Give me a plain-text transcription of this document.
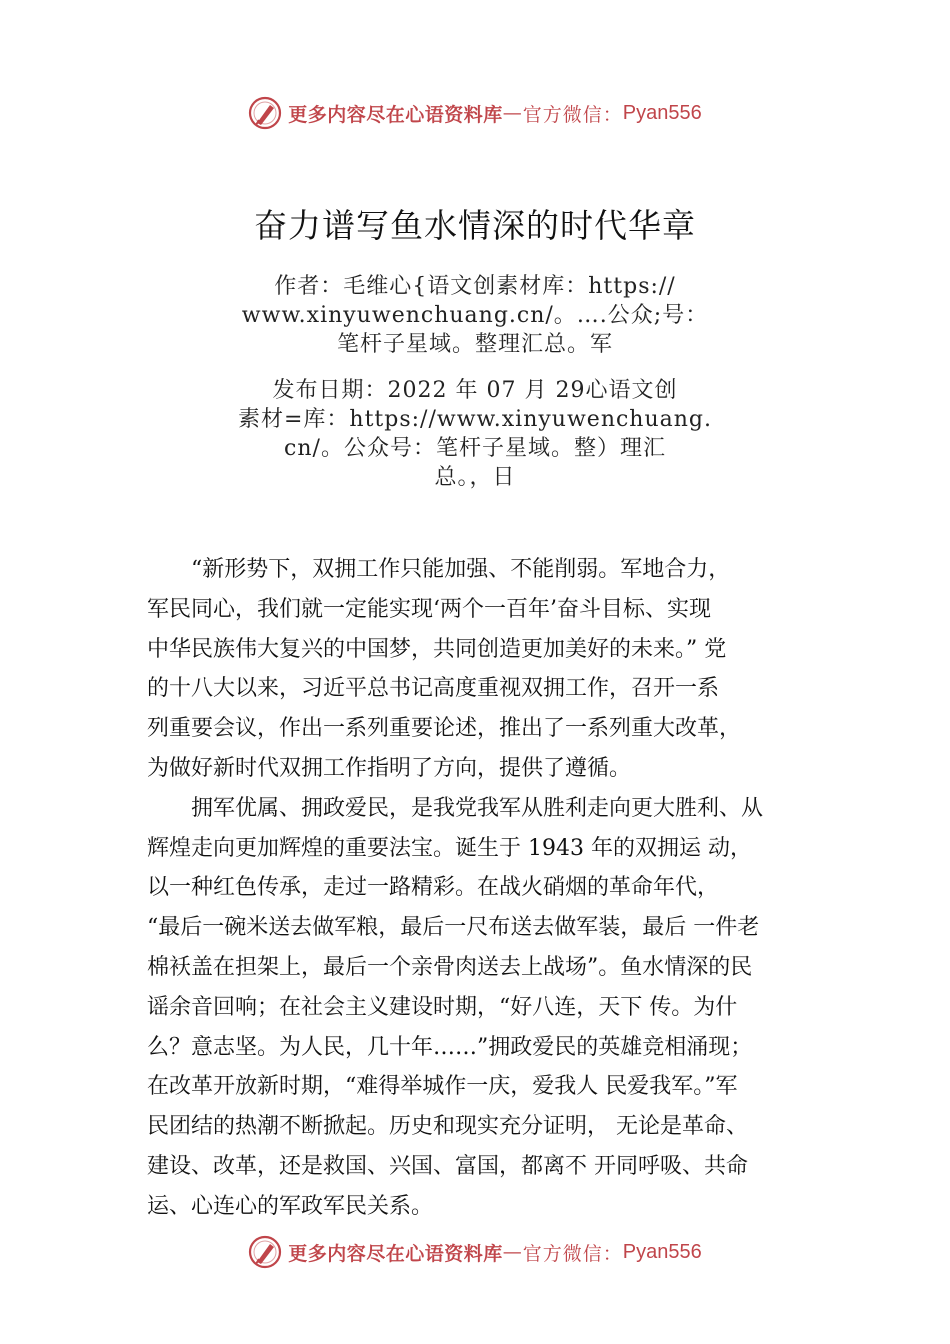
更多内容尽在心语资料库 — 官方微信： Pyan556
奋力谱写鱼水情深的时代华章
作者：毛维心{语文创素材库：https://
www.xinyuwenchuang.cn/。….公众;号：
笔杆子星域。整理汇总。军
发布日期：2022 年 07 月 29心语文创
素材=库：https://www.xinyuwenchuang.
cn/。公众号：笔杆子星域。整）理汇
总。，日
　　“新形势下，双拥工作只能加强、不能削弱。军地合力，
军民同心，我们就一定能实现‘两个一百年’奋斗目标、实现
中华民族伟大复兴的中国梦，共同创造更加美好的未来。” 党
的十八大以来，习近平总书记高度重视双拥工作，召开一系
列重要会议，作出一系列重要论述，推出了一系列重大改革，
为做好新时代双拥工作指明了方向，提供了遵循。
　　拥军优属、拥政爱民，是我党我军从胜利走向更大胜利、从
辉煌走向更加辉煌的重要法宝。诞生于 1943 年的双拥运 动，
以一种红色传承，走过一路精彩。在战火硝烟的革命年代，
“最后一碗米送去做军粮，最后一尺布送去做军装，最后 一件老
棉袄盖在担架上，最后一个亲骨肉送去上战场”。鱼水情深的民
谣余音回响；在社会主义建设时期，“好八连，天下 传。为什
么？意志坚。为人民，几十年……”拥政爱民的英雄竞相涌现；
在改革开放新时期，“难得举城作一庆，爱我人 民爱我军。”军
民团结的热潮不断掀起。历史和现实充分证明， 无论是革命、
建设、改革，还是救国、兴国、富国，都离不 开同呼吸、共命
运、心连心的军政军民关系。
更多内容尽在心语资料库 — 官方微信： Pyan556
